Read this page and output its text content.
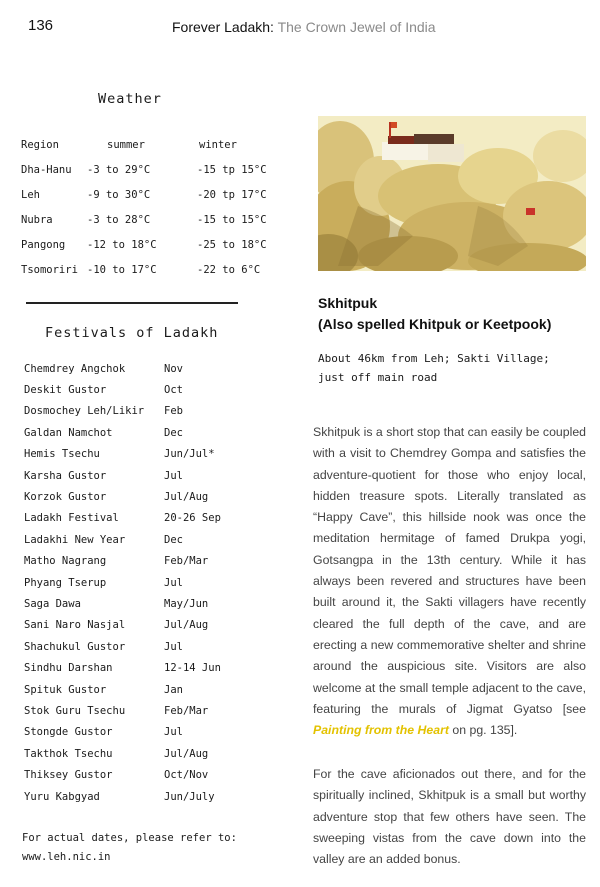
136	Forever Ladakh: The Crown Jewel of India
Weather
Region	summer	winter
Dha-Hanu	-3 to 29°C	-15 tp 15°C
Leh	-9 to 30°C	-20 tp 17°C
Nubra	-3 to 28°C	-15 to 15°C
Pangong	-12 to 18°C	-25 to 18°C
Tsomoriri	-10 to 17°C	-22 to 6°C
Festivals of Ladakh
Chemdrey Angchok	Nov
Deskit Gustor	Oct
Dosmochey Leh/Likir	Feb
Galdan Namchot	Dec
Hemis Tsechu	Jun/Jul*
Karsha Gustor	Jul
Korzok Gustor	Jul/Aug
Ladakh Festival	20-26 Sep
Ladakhi New Year	Dec
Matho Nagrang	Feb/Mar
Phyang Tserup	Jul
Saga Dawa	May/Jun
Sani Naro Nasjal	Jul/Aug
Shachukul Gustor	Jul
Sindhu Darshan	12-14 Jun
Spituk Gustor	Jan
Stok Guru Tsechu	Feb/Mar
Stongde Gustor	Jul
Takthok Tsechu	Jul/Aug
Thiksey Gustor	Oct/Nov
Yuru Kabgyad	Jun/July
For actual dates, please refer to:
www.leh.nic.in
Skhitpuk
(Also spelled Khitpuk or Keetpook)
About 46km from Leh; Sakti Village;
just off main road

Skhitpuk is a short stop that can easily be coupled with a visit to Chemdrey Gompa and satisfies the adventure-quotient for those who enjoy local, hidden treasure spots. Literally translated as “Happy Cave”, this hillside nook was once the meditation hermitage of famed Drukpa yogi, Gotsangpa in the 13th century. While it has always been revered and structures have been built around it, the Sakti villagers have recently cleared the full depth of the cave, and are erecting a new commemorative shelter and shrine around the auspicious site. Visitors are also welcome at the small temple adjacent to the cave, featuring the murals of Jigmat Gyatso [see Painting from the Heart on pg. 135].

For the cave aficionados out there, and for the spiritually inclined, Skhitpuk is a small but worthy adventure stop that few others have seen. The sweeping vistas from the cave down into the valley are an added bonus.
